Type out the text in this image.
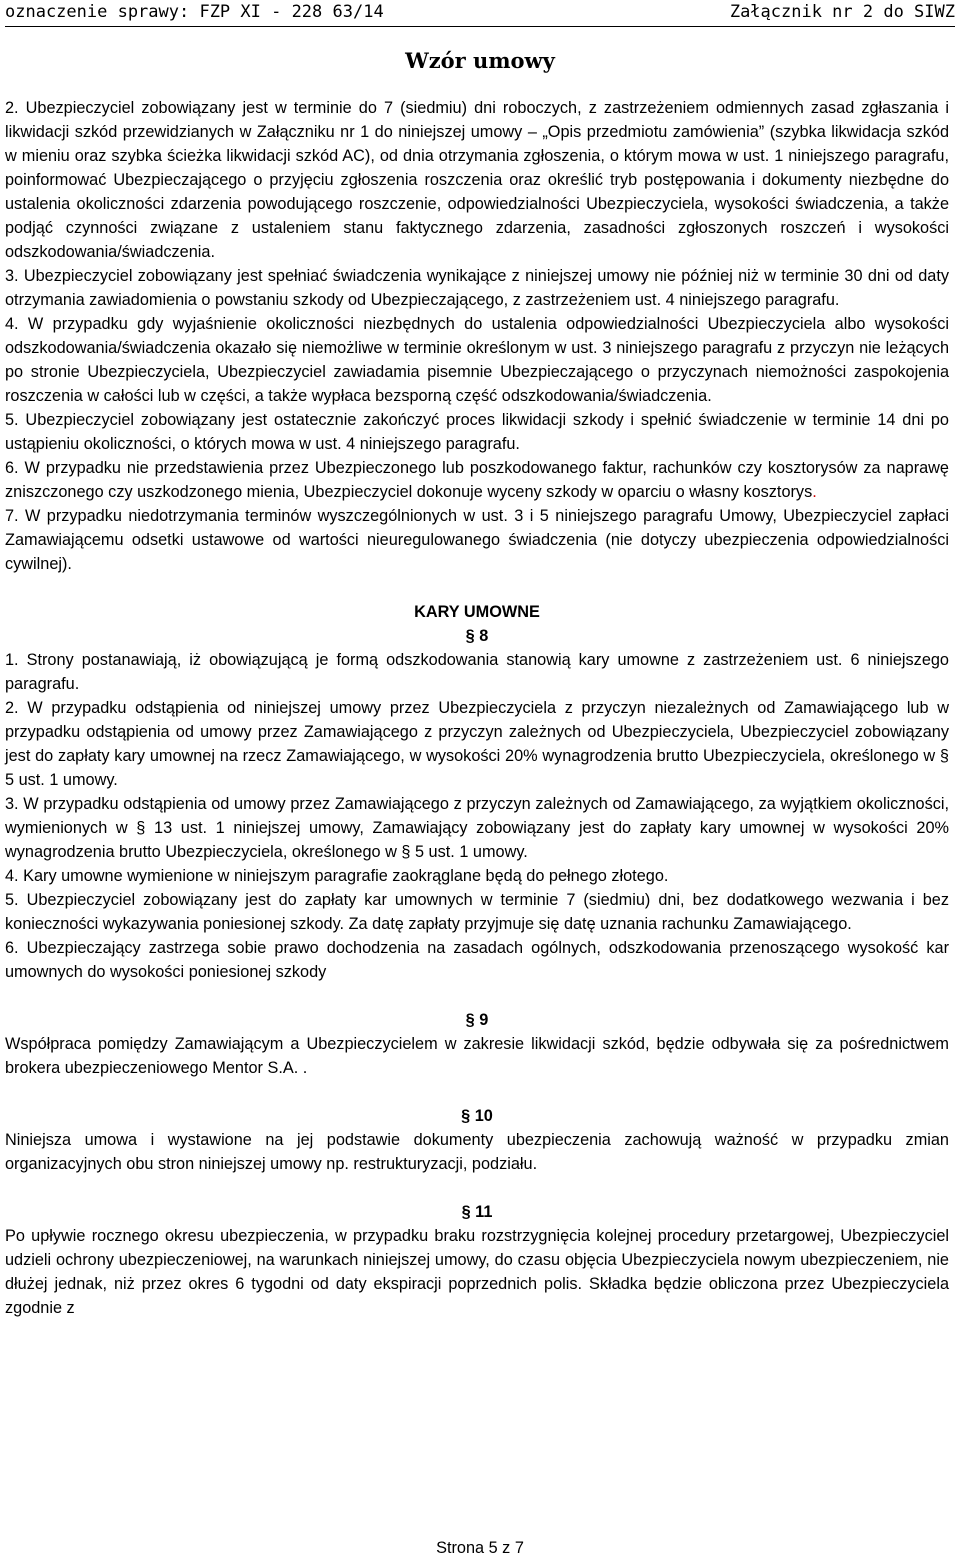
oznaczenie sprawy: FZP XI - 228 63/14	Załącznik nr 2 do SIWZ
Wzór umowy

2. Ubezpieczyciel zobowiązany jest w terminie do 7 (siedmiu) dni roboczych, z zastrzeżeniem odmiennych zasad zgłaszania i likwidacji szkód przewidzianych w Załączniku nr 1 do niniejszej umowy – „Opis przedmiotu zamówienia” (szybka likwidacja szkód w mieniu oraz szybka ścieżka likwidacji szkód AC), od dnia otrzymania zgłoszenia, o którym mowa w ust. 1 niniejszego paragrafu, poinformować Ubezpieczającego o przyjęciu zgłoszenia roszczenia oraz określić tryb postępowania i dokumenty niezbędne do ustalenia okoliczności zdarzenia powodującego roszczenie, odpowiedzialności Ubezpieczyciela, wysokości świadczenia, a także podjąć czynności związane z ustaleniem stanu faktycznego zdarzenia, zasadności zgłoszonych roszczeń i wysokości odszkodowania/świadczenia.

3. Ubezpieczyciel zobowiązany jest spełniać świadczenia wynikające z niniejszej umowy nie później niż w terminie 30 dni od daty otrzymania zawiadomienia o powstaniu szkody od Ubezpieczającego, z zastrzeżeniem ust. 4 niniejszego paragrafu.

4. W przypadku gdy wyjaśnienie okoliczności niezbędnych do ustalenia odpowiedzialności Ubezpieczyciela albo wysokości odszkodowania/świadczenia okazało się niemożliwe w terminie określonym w ust. 3 niniejszego paragrafu z przyczyn nie leżących po stronie Ubezpieczyciela, Ubezpieczyciel zawiadamia pisemnie Ubezpieczającego o przyczynach niemożności zaspokojenia roszczenia w całości lub w części, a także wypłaca bezsporną część odszkodowania/świadczenia.

5. Ubezpieczyciel zobowiązany jest ostatecznie zakończyć proces likwidacji szkody i spełnić świadczenie w terminie 14 dni po ustąpieniu okoliczności, o których mowa w ust. 4 niniejszego paragrafu.

6. W przypadku nie przedstawienia przez Ubezpieczonego lub poszkodowanego faktur, rachunków czy kosztorysów za naprawę zniszczonego czy uszkodzonego mienia, Ubezpieczyciel dokonuje wyceny szkody w oparciu o własny kosztorys.

7. W przypadku niedotrzymania terminów wyszczególnionych w ust. 3 i 5 niniejszego paragrafu Umowy, Ubezpieczyciel zapłaci Zamawiającemu odsetki ustawowe od wartości nieuregulowanego świadczenia (nie dotyczy ubezpieczenia odpowiedzialności cywilnej).

KARY UMOWNE

§ 8

1. Strony postanawiają, iż obowiązującą je formą odszkodowania stanowią kary umowne z zastrzeżeniem ust. 6 niniejszego paragrafu.

2. W przypadku odstąpienia od niniejszej umowy przez Ubezpieczyciela z przyczyn niezależnych od Zamawiającego lub w przypadku odstąpienia od umowy przez Zamawiającego z przyczyn zależnych od Ubezpieczyciela, Ubezpieczyciel zobowiązany jest do zapłaty kary umownej na rzecz Zamawiającego, w wysokości 20% wynagrodzenia brutto Ubezpieczyciela, określonego w § 5 ust. 1 umowy.

3. W przypadku odstąpienia od umowy przez Zamawiającego z przyczyn zależnych od Zamawiającego, za wyjątkiem okoliczności, wymienionych w § 13 ust. 1 niniejszej umowy, Zamawiający zobowiązany jest do zapłaty kary umownej w wysokości 20% wynagrodzenia brutto Ubezpieczyciela, określonego w § 5 ust. 1 umowy.

4. Kary umowne wymienione w niniejszym paragrafie zaokrąglane będą do pełnego złotego.

5. Ubezpieczyciel zobowiązany jest do zapłaty kar umownych w terminie 7 (siedmiu) dni, bez dodatkowego wezwania i bez konieczności wykazywania poniesionej szkody. Za datę zapłaty przyjmuje się datę uznania rachunku Zamawiającego.

6. Ubezpieczający zastrzega sobie prawo dochodzenia na zasadach ogólnych, odszkodowania przenoszącego wysokość kar umownych do wysokości poniesionej szkody

§ 9

Współpraca pomiędzy Zamawiającym a Ubezpieczycielem w zakresie likwidacji szkód, będzie odbywała się za pośrednictwem brokera ubezpieczeniowego Mentor S.A. .

§ 10

Niniejsza umowa i wystawione na jej podstawie dokumenty ubezpieczenia zachowują ważność w przypadku zmian organizacyjnych obu stron niniejszej umowy np. restrukturyzacji, podziału.

§ 11

Po upływie rocznego okresu ubezpieczenia, w przypadku braku rozstrzygnięcia kolejnej procedury przetargowej, Ubezpieczyciel udzieli ochrony ubezpieczeniowej, na warunkach niniejszej umowy, do czasu objęcia Ubezpieczyciela nowym ubezpieczeniem, nie dłużej jednak, niż przez okres 6 tygodni od daty ekspiracji poprzednich polis. Składka będzie obliczona przez Ubezpieczyciela zgodnie z

Strona 5 z 7
